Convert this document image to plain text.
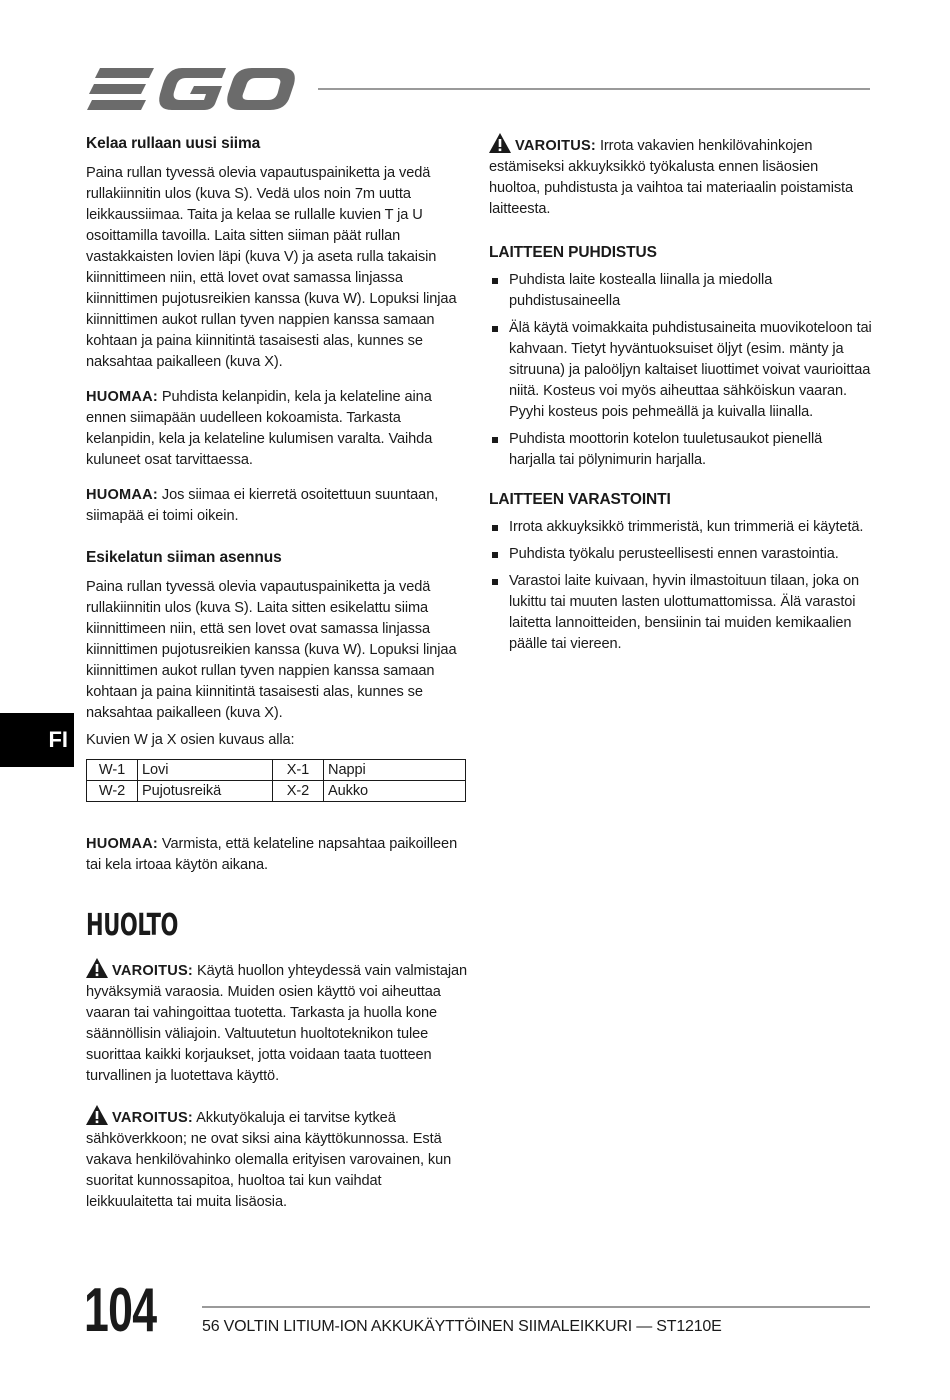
Kelaa rullaan uusi siima

Paina rullan tyvessä olevia vapautuspainiketta ja vedä rullakiinnitin ulos (kuva S). Vedä ulos noin 7m uutta leikkaussiimaa. Taita ja kelaa se rullalle kuvien T ja U osoittamilla tavoilla. Laita sitten siiman päät rullan vastakkaisten lovien läpi (kuva V) ja aseta rulla takaisin kiinnittimeen niin, että lovet ovat samassa linjassa kiinnittimen pujotusreikien kanssa (kuva W). Lopuksi linjaa kiinnittimen aukot rullan tyven nappien kanssa samaan kohtaan ja paina kiinnitintä tasaisesti alas, kunnes se naksahtaa paikalleen (kuva X).

HUOMAA: Puhdista kelanpidin, kela ja kelateline aina ennen siimapään uudelleen kokoamista. Tarkasta kelanpidin, kela ja kelateline kulumisen varalta. Vaihda kuluneet osat tarvittaessa.

HUOMAA: Jos siimaa ei kierretä osoitettuun suuntaan, siimapää ei toimi oikein.

Esikelatun siiman asennus

Paina rullan tyvessä olevia vapautuspainiketta ja vedä rullakiinnitin ulos (kuva S). Laita sitten esikelattu siima kiinnittimeen niin, että sen lovet ovat samassa linjassa kiinnittimen pujotusreikien kanssa (kuva W). Lopuksi linjaa kiinnittimen aukot rullan tyven nappien kanssa samaan kohtaan ja paina kiinnitintä tasaisesti alas, kunnes se naksahtaa paikalleen (kuva X).

Kuvien W ja X osien kuvaus alla:

W-1	Lovi	X-1	Nappi
W-2	Pujotusreikä	X-2	Aukko

HUOMAA: Varmista, että kelateline napsahtaa paikoilleen tai kela irtoaa käytön aikana.

HUOLTO

VAROITUS: Käytä huollon yhteydessä vain valmistajan hyväksymiä varaosia. Muiden osien käyttö voi aiheuttaa vaaran tai vahingoittaa tuotetta. Tarkasta ja huolla kone säännöllisin väliajoin. Valtuutetun huoltoteknikon tulee suorittaa kaikki korjaukset, jotta voidaan taata tuotteen turvallinen ja luotettava käyttö.

VAROITUS: Akkutyökaluja ei tarvitse kytkeä sähköverkkoon; ne ovat siksi aina käyttökunnossa. Estä vakava henkilövahinko olemalla erityisen varovainen, kun suoritat kunnossapitoa, huoltoa tai kun vaihdat leikkuulaitetta tai muita lisäosia.

VAROITUS: Irrota vakavien henkilövahinkojen estämiseksi akkuyksikkö työkalusta ennen lisäosien huoltoa, puhdistusta ja vaihtoa tai materiaalin poistamista laitteesta.

LAITTEEN PUHDISTUS
Puhdista laite kostealla liinalla ja miedolla puhdistusaineella
Älä käytä voimakkaita puhdistusaineita muovikoteloon tai kahvaan. Tietyt hyväntuoksuiset öljyt (esim. mänty ja sitruuna) ja paloöljyn kaltaiset liuottimet voivat vaurioittaa niitä. Kosteus voi myös aiheuttaa sähköiskun vaaran. Pyyhi kosteus pois pehmeällä ja kuivalla liinalla.
Puhdista moottorin kotelon tuuletusaukot pienellä harjalla tai pölynimurin harjalla.
LAITTEEN VARASTOINTI
Irrota akkuyksikkö trimmeristä, kun trimmeriä ei käytetä.
Puhdista työkalu perusteellisesti ennen varastointia.
Varastoi laite kuivaan, hyvin ilmastoituun tilaan, joka on lukittu tai muuten lasten ulottumattomissa. Älä varastoi laitetta lannoitteiden, bensiinin tai muiden kemikaalien päälle tai viereen.
FI
104	56 VOLTIN LITIUM-ION AKKUKÄYTTÖINEN SIIMALEIKKURI — ST1210E
